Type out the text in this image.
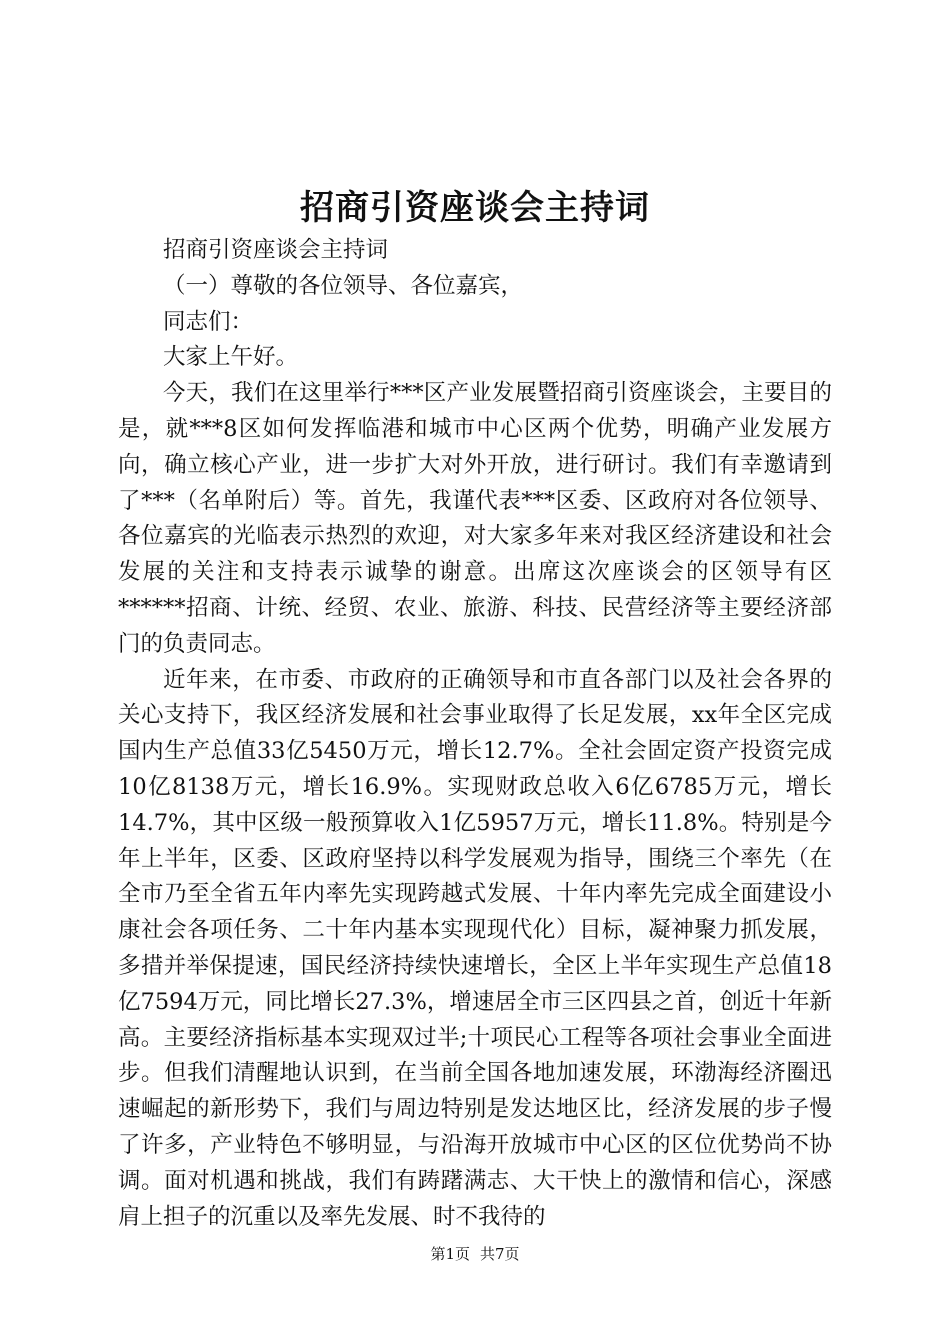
招商引资座谈会主持词

招商引资座谈会主持词

（一）尊敬的各位领导、各位嘉宾，

同志们：

大家上午好。

今天，我们在这里举行***区产业发展暨招商引资座谈会，主要目的是，就***8区如何发挥临港和城市中心区两个优势，明确产业发展方向，确立核心产业，进一步扩大对外开放，进行研讨。我们有幸邀请到了***（名单附后）等。首先，我谨代表***区委、区政府对各位领导、各位嘉宾的光临表示热烈的欢迎，对大家多年来对我区经济建设和社会发展的关注和支持表示诚挚的谢意。出席这次座谈会的区领导有区******招商、计统、经贸、农业、旅游、科技、民营经济等主要经济部门的负责同志。

近年来，在市委、市政府的正确领导和市直各部门以及社会各界的关心支持下，我区经济发展和社会事业取得了长足发展，xx年全区完成国内生产总值33亿5450万元，增长12.7%。全社会固定资产投资完成10亿8138万元，增长16.9%。实现财政总收入6亿6785万元，增长14.7%，其中区级一般预算收入1亿5957万元，增长11.8%。特别是今年上半年，区委、区政府坚持以科学发展观为指导，围绕三个率先（在全市乃至全省五年内率先实现跨越式发展、十年内率先完成全面建设小康社会各项任务、二十年内基本实现现代化）目标，凝神聚力抓发展，多措并举保提速，国民经济持续快速增长，全区上半年实现生产总值18亿7594万元，同比增长27.3%，增速居全市三区四县之首，创近十年新高。主要经济指标基本实现双过半;十项民心工程等各项社会事业全面进步。但我们清醒地认识到，在当前全国各地加速发展，环渤海经济圈迅速崛起的新形势下，我们与周边特别是发达地区比，经济发展的步子慢了许多，产业特色不够明显，与沿海开放城市中心区的区位优势尚不协调。面对机遇和挑战，我们有踌躇满志、大干快上的激情和信心，深感肩上担子的沉重以及率先发展、时不我待的

第1页 共7页
